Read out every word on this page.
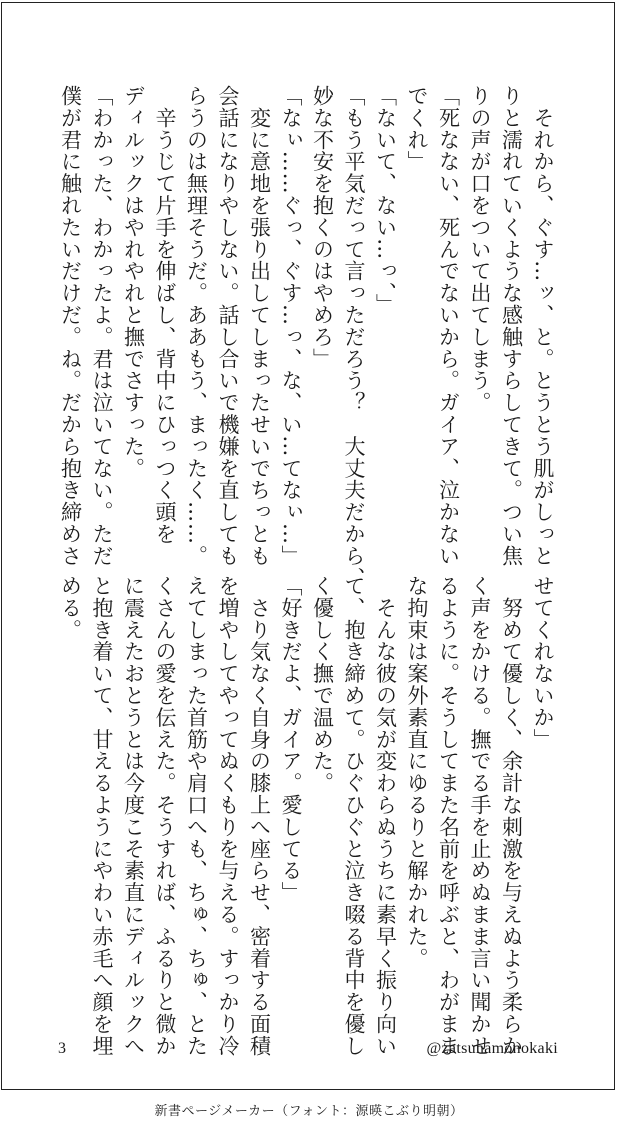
　それから、ぐす…ッ、と。とうとう肌がしっと
りと濡れていくような感触すらしてきて。つい焦
りの声が口をついて出てしまう。
「死なない、死んでないから。ガイア、泣かない
でくれ」
「ないて、ない…っ、」
「もう平気だって言っただろう？　大丈夫だから、
妙な不安を抱くのはやめろ」
「なぃ……ぐっ、ぐす…っ、な、い…てなぃ…」
　変に意地を張り出してしまったせいでちっとも
会話になりやしない。話し合いで機嫌を直しても
らうのは無理そうだ。ああもう、まったく……。
　辛うじて片手を伸ばし、背中にひっつく頭を
ディルックはやれやれと撫でさすった。
「わかった、わかったよ。君は泣いてない。ただ
僕が君に触れたいだけだ。ね。だから抱き締めさ
せてくれないか」
　努めて優しく、余計な刺激を与えぬよう柔らか
く声をかける。撫でる手を止めぬまま言い聞かせ
るように。そうしてまた名前を呼ぶと、わがまま
な拘束は案外素直にゆるりと解かれた。
　そんな彼の気が変わらぬうちに素早く振り向い
て、抱き締めて。ひぐひぐと泣き啜る背中を優し
く優しく撫で温めた。
「好きだよ、ガイア。愛してる」
　さり気なく自身の膝上へ座らせ、密着する面積
を増やしてやってぬくもりを与える。すっかり冷
えてしまった首筋や肩口へも、ちゅ、ちゅ、とた
くさんの愛を伝えた。そうすれば、ふるりと微か
に震えたおとうとは今度こそ素直にディルックへ
と抱き着いて、甘えるようにやわい赤毛へ顔を埋
める。
3	@zatsunamonokaki
新書ページメーカー（フォント：源暎こぶり明朝）
